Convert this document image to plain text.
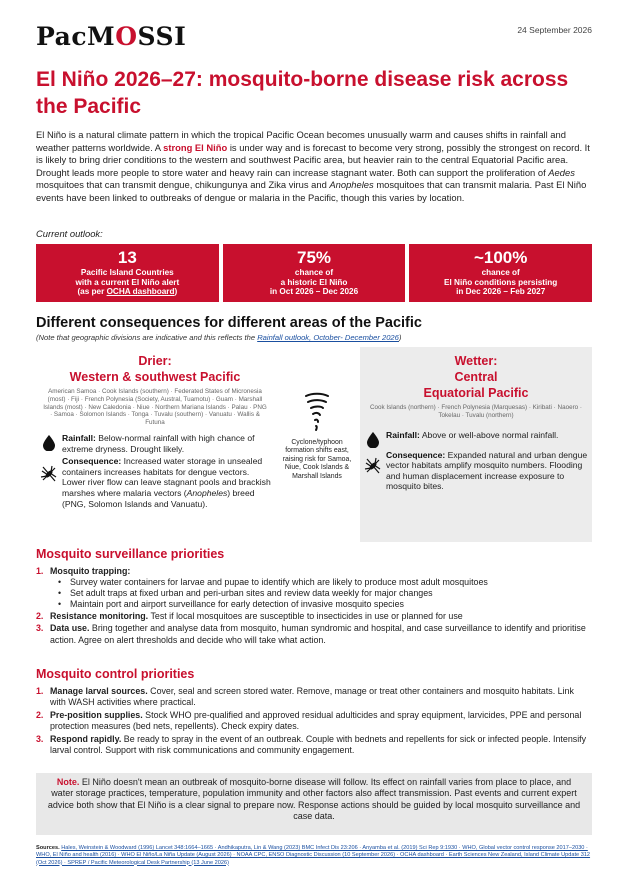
PacMOSSI	24 September 2026
El Niño 2026–27: mosquito-borne disease risk across the Pacific
El Niño is a natural climate pattern in which the tropical Pacific Ocean becomes unusually warm and causes shifts in rainfall and weather patterns worldwide. A strong El Niño is under way and is forecast to become very strong, possibly the strongest on record. It is likely to bring drier conditions to the western and southwest Pacific area, but heavier rain to the central Equatorial Pacific area. Drought leads more people to store water and heavy rain can increase stagnant water. Both can support the proliferation of Aedes mosquitoes that can transmit dengue, chikungunya and Zika virus and Anopheles mosquitoes that can transmit malaria. Past El Niño events have been linked to outbreaks of dengue or malaria in the Pacific, though this varies by location.
Current outlook:
13
Pacific Island Countries
with a current El Niño alert
(as per OCHA dashboard)
75%
chance of
a historic El Niño
in Oct 2026 – Dec 2026
~100%
chance of
El Niño conditions persisting
in Dec 2026 – Feb 2027
Different consequences for different areas of the Pacific
(Note that geographic divisions are indicative and this reflects the Rainfall outlook, October- December 2026)
Drier:
Western & southwest Pacific
American Samoa · Cook Islands (southern) · Federated States of Micronesia (most) · Fiji · French Polynesia (Society, Austral, Tuamotu) · Guam · Marshall Islands (most) · New Caledonia · Niue · Northern Mariana Islands · Palau · PNG · Samoa · Solomon Islands · Tonga · Tuvalu (southern) · Vanuatu · Wallis & Futuna
Rainfall: Below-normal rainfall with high chance of extreme dryness. Drought likely.
Consequence: Increased water storage in unsealed containers increases habitats for dengue vectors. Lower river flow can leave stagnant pools and brackish marshes where malaria vectors (Anopheles) breed (PNG, Solomon Islands and Vanuatu).
Cyclone/typhoon formation shifts east, raising risk for Samoa, Niue, Cook Islands & Marshall Islands
Wetter:
Central
Equatorial Pacific
Cook Islands (northern) · French Polynesia (Marquesas) · Kiribati · Naoero · Tokelau · Tuvalu (northern)
Rainfall: Above or well-above normal rainfall.
Consequence: Expanded natural and urban dengue vector habitats amplify mosquito numbers. Flooding and human displacement increase exposure to mosquito bites.
Mosquito surveillance priorities
1. Mosquito trapping:
• Survey water containers for larvae and pupae to identify which are likely to produce most adult mosquitoes
• Set adult traps at fixed urban and peri-urban sites and review data weekly for major changes
• Maintain port and airport surveillance for early detection of invasive mosquito species
2. Resistance monitoring. Test if local mosquitoes are susceptible to insecticides in use or planned for use
3. Data use. Bring together and analyse data from mosquito, human syndromic and hospital, and case surveillance to identify and prioritise action. Agree on alert thresholds and decide who will take what action.
Mosquito control priorities
1. Manage larval sources. Cover, seal and screen stored water. Remove, manage or treat other containers and mosquito habitats. Link with WASH activities where practical.
2. Pre-position supplies. Stock WHO pre-qualified and approved residual adulticides and spray equipment, larvicides, PPE and personal protection measures (bed nets, repellents). Check expiry dates.
3. Respond rapidly. Be ready to spray in the event of an outbreak. Couple with bednets and repellents for sick or infected people. Intensify larval control. Support with risk communications and community engagement.
Note. El Niño doesn't mean an outbreak of mosquito-borne disease will follow. Its effect on rainfall varies from place to place, and water storage practices, temperature, population immunity and other factors also affect transmission. Past events and current expert advice both show that El Niño is a clear signal to prepare now. Response actions should be guided by local mosquito surveillance and case data.
Sources. Hales, Weinstein & Woodward (1996) Lancet 348:1664–1665 · Andhikaputra, Lin & Wang (2023) BMC Infect Dis 23:206 · Anyamba et al. (2019) Sci Rep 9:1930 · WHO, Global vector control response 2017–2030 · WHO, El Niño and health (2016) · WHO El Niño/La Niña Update (August 2026) · NOAA CPC, ENSO Diagnostic Discussion (10 September 2026) · OCHA dashboard · Earth Sciences New Zealand, Island Climate Update 312 (Oct 2026) · SPREP / Pacific Meteorological Desk Partnership (13 June 2026)
